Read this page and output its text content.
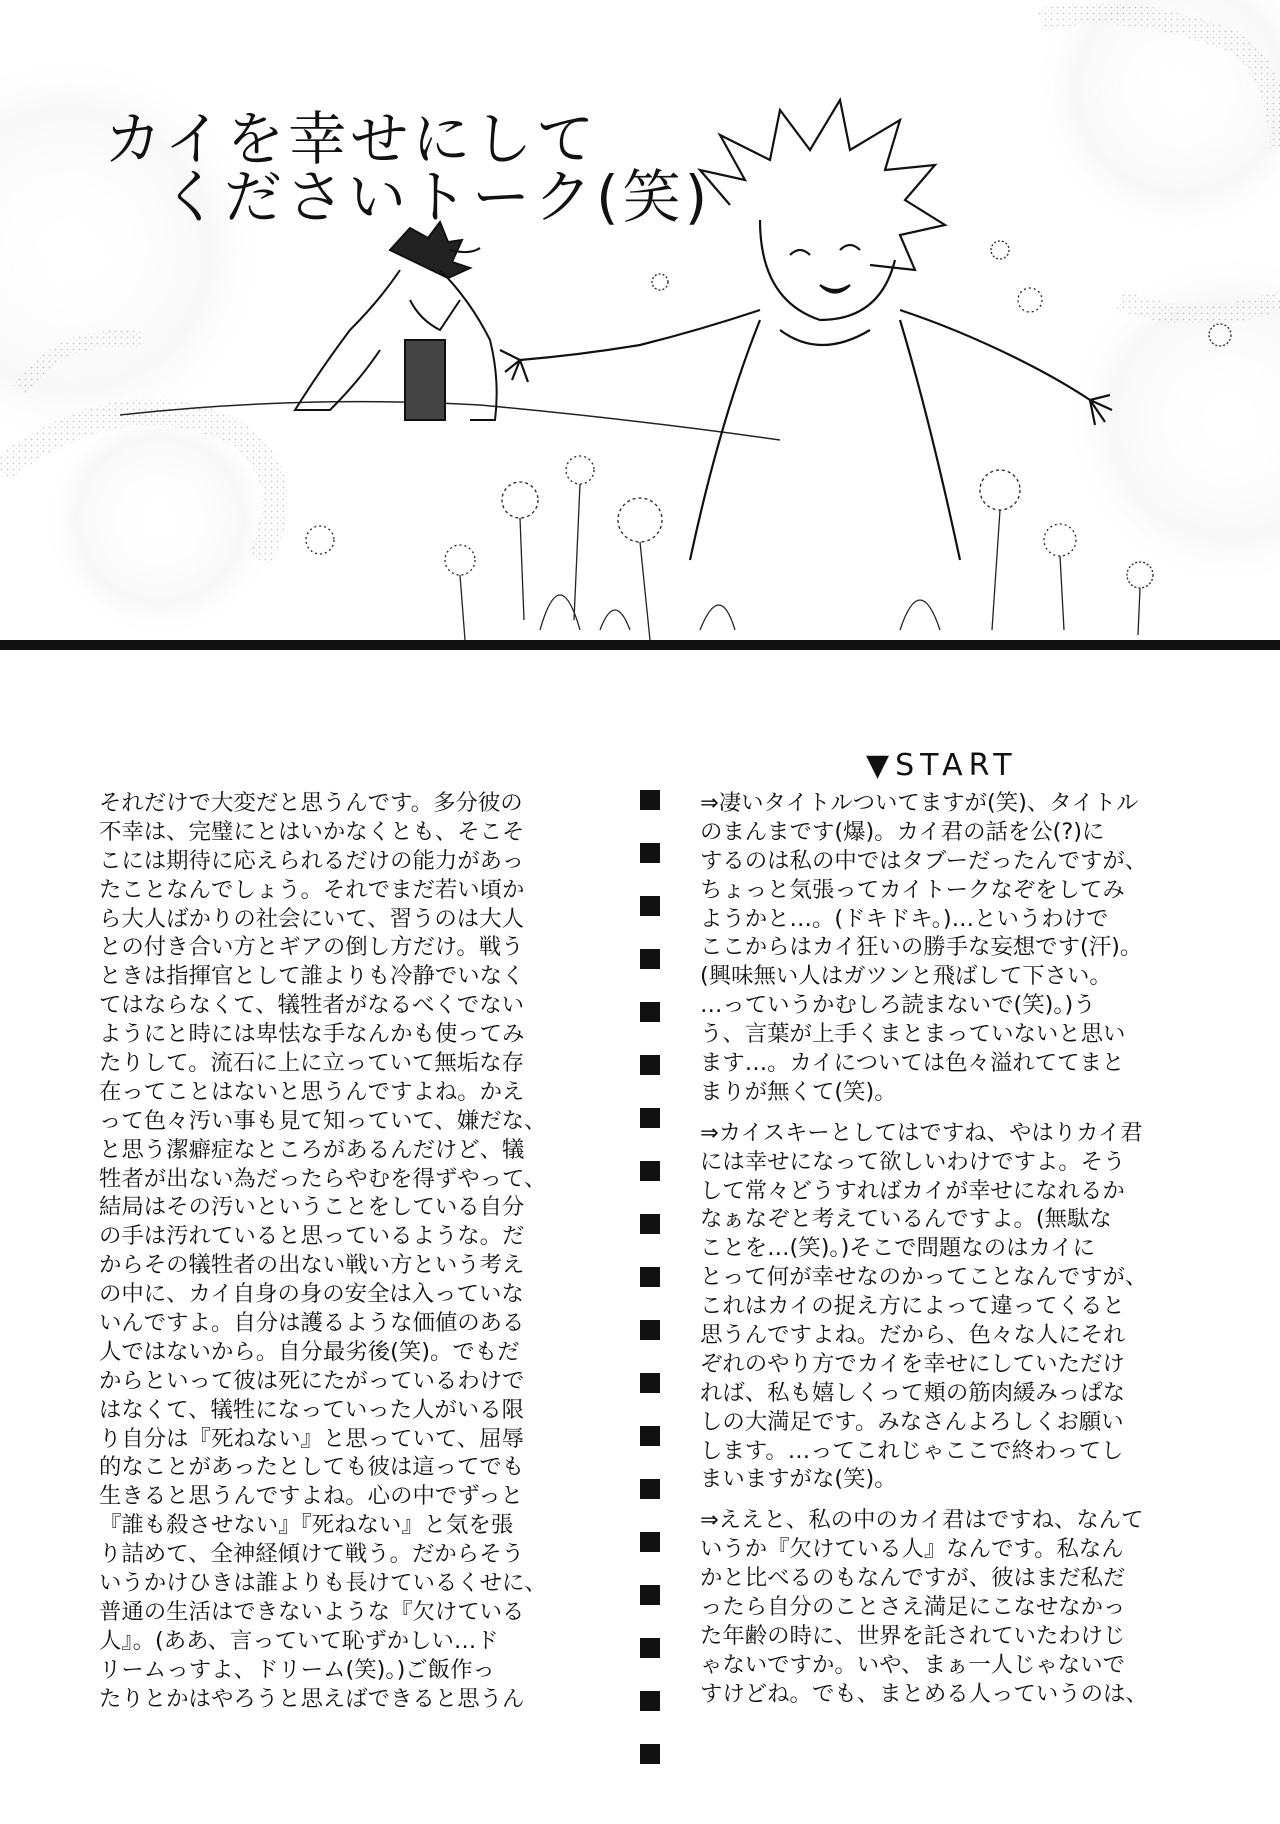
カイを幸せにして
くださいトーク(笑)
▼START
それだけで大変だと思うんです。多分彼の
不幸は、完璧にとはいかなくとも、そこそ
こには期待に応えられるだけの能力があっ
たことなんでしょう。それでまだ若い頃か
ら大人ばかりの社会にいて、習うのは大人
との付き合い方とギアの倒し方だけ。戦う
ときは指揮官として誰よりも冷静でいなく
てはならなくて、犠牲者がなるべくでない
ようにと時には卑怯な手なんかも使ってみ
たりして。流石に上に立っていて無垢な存
在ってことはないと思うんですよね。かえ
って色々汚い事も見て知っていて、嫌だな、
と思う潔癖症なところがあるんだけど、犠
牲者が出ない為だったらやむを得ずやって、
結局はその汚いということをしている自分
の手は汚れていると思っているような。だ
からその犠牲者の出ない戦い方という考え
の中に、カイ自身の身の安全は入っていな
いんですよ。自分は護るような価値のある
人ではないから。自分最劣後(笑)。でもだ
からといって彼は死にたがっているわけで
はなくて、犠牲になっていった人がいる限
り自分は『死ねない』と思っていて、屈辱
的なことがあったとしても彼は這ってでも
生きると思うんですよね。心の中でずっと
『誰も殺させない』『死ねない』と気を張
り詰めて、全神経傾けて戦う。だからそう
いうかけひきは誰よりも長けているくせに、
普通の生活はできないような『欠けている
人』。(ああ、言っていて恥ずかしい…ド
リームっすよ、ドリーム(笑)。)ご飯作っ
たりとかはやろうと思えばできると思うん
⇒凄いタイトルついてますが(笑)、タイトル
のまんまです(爆)。カイ君の話を公(?)に
するのは私の中ではタブーだったんですが、
ちょっと気張ってカイトークなぞをしてみ
ようかと…。(ドキドキ。)…というわけで
ここからはカイ狂いの勝手な妄想です(汗)。
(興味無い人はガツンと飛ばして下さい。
…っていうかむしろ読まないで(笑)。)う
う、言葉が上手くまとまっていないと思い
ます…。カイについては色々溢れててまと
まりが無くて(笑)。
⇒カイスキーとしてはですね、やはりカイ君
には幸せになって欲しいわけですよ。そう
して常々どうすればカイが幸せになれるか
なぁなぞと考えているんですよ。(無駄な
ことを…(笑)。)そこで問題なのはカイに
とって何が幸せなのかってことなんですが、
これはカイの捉え方によって違ってくると
思うんですよね。だから、色々な人にそれ
ぞれのやり方でカイを幸せにしていただけ
れば、私も嬉しくって頬の筋肉緩みっぱな
しの大満足です。みなさんよろしくお願い
します。…ってこれじゃここで終わってし
まいますがな(笑)。
⇒ええと、私の中のカイ君はですね、なんて
いうか『欠けている人』なんです。私なん
かと比べるのもなんですが、彼はまだ私だ
ったら自分のことさえ満足にこなせなかっ
た年齢の時に、世界を託されていたわけじ
ゃないですか。いや、まぁ一人じゃないで
すけどね。でも、まとめる人っていうのは、
